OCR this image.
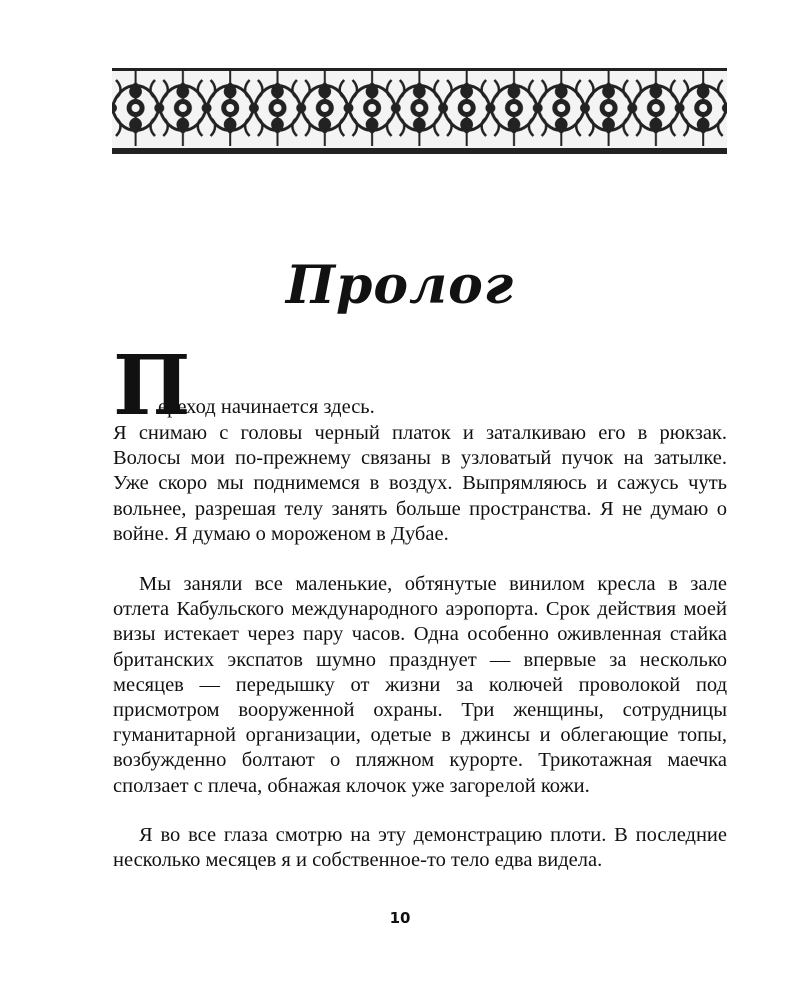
Пролог
П
ереход начинается здесь.

Я снимаю с головы черный платок и заталкиваю его в рюкзак. Волосы мои по-прежнему связаны в узловатый пучок на затылке. Уже скоро мы поднимемся в воздух. Выпрямляюсь и сажусь чуть вольнее, разрешая телу занять больше пространства. Я не думаю о войне. Я думаю о мороженом в Дубае.

Мы заняли все маленькие, обтянутые винилом кресла в зале отлета Кабульского международного аэропорта. Срок действия моей визы истекает через пару часов. Одна особенно оживленная стайка британских экспатов шумно празднует — впервые за несколько месяцев — передышку от жизни за колючей проволокой под присмотром вооруженной охраны. Три женщины, сотрудницы гуманитарной организации, одетые в джинсы и облегающие топы, возбужденно болтают о пляжном курорте. Трикотажная маечка сползает с плеча, обнажая клочок уже загорелой кожи.

Я во все глаза смотрю на эту демонстрацию плоти. В последние несколько месяцев я и собственное-то тело едва видела.

10
